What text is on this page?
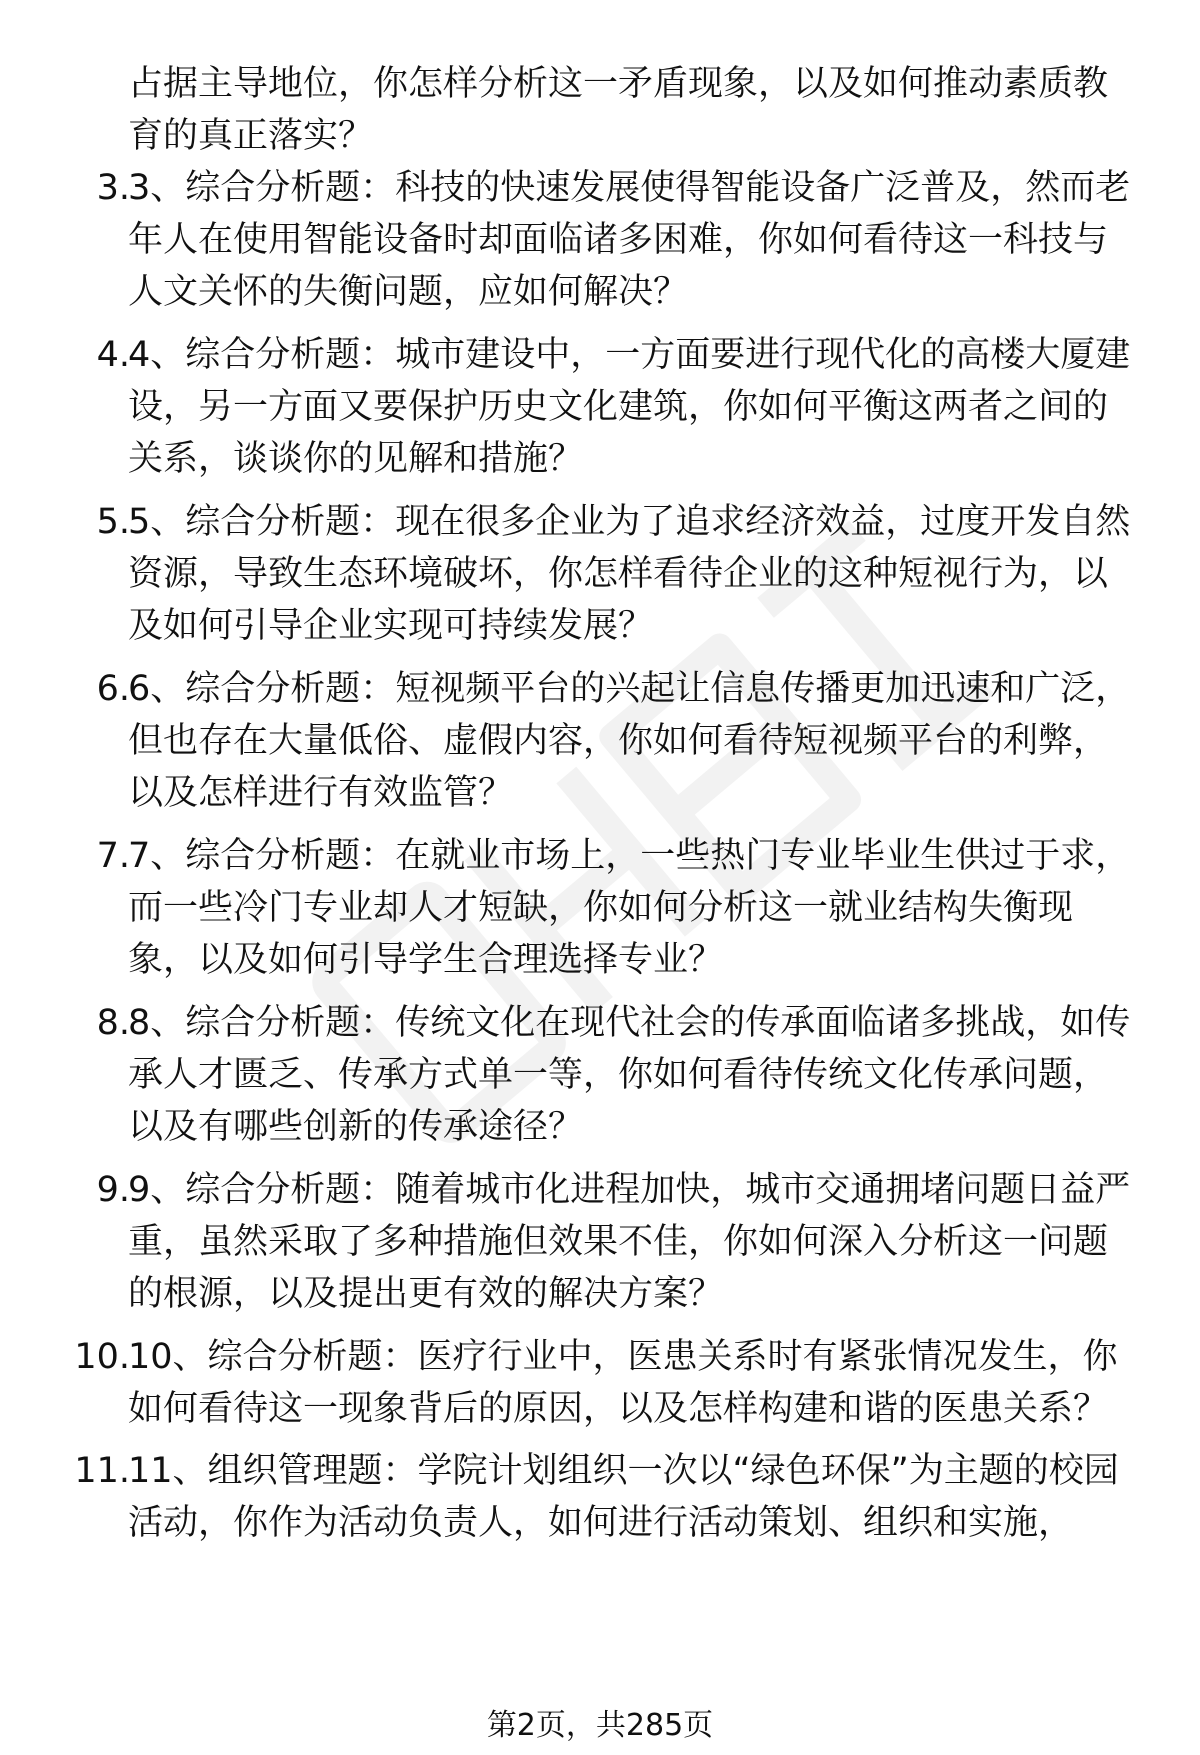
占据主导地位，你怎样分析这一矛盾现象，以及如何推动素质教育的真正落实？

3.

3、综合分析题：科技的快速发展使得智能设备广泛普及，然而老年人在使用智能设备时却面临诸多困难，你如何看待这一科技与人文关怀的失衡问题，应如何解决？

4.

4、综合分析题：城市建设中，一方面要进行现代化的高楼大厦建设，另一方面又要保护历史文化建筑，你如何平衡这两者之间的关系，谈谈你的见解和措施？

5.

5、综合分析题：现在很多企业为了追求经济效益，过度开发自然资源，导致生态环境破坏，你怎样看待企业的这种短视行为，以及如何引导企业实现可持续发展？

6.

6、综合分析题：短视频平台的兴起让信息传播更加迅速和广泛，但也存在大量低俗、虚假内容，你如何看待短视频平台的利弊，以及怎样进行有效监管？

7.

7、综合分析题：在就业市场上，一些热门专业毕业生供过于求，而一些冷门专业却人才短缺，你如何分析这一就业结构失衡现象，以及如何引导学生合理选择专业？

8.

8、综合分析题：传统文化在现代社会的传承面临诸多挑战，如传承人才匮乏、传承方式单一等，你如何看待传统文化传承问题，以及有哪些创新的传承途径？

9.

9、综合分析题：随着城市化进程加快，城市交通拥堵问题日益严重，虽然采取了多种措施但效果不佳，你如何深入分析这一问题的根源，以及提出更有效的解决方案？

10.

10、综合分析题：医疗行业中，医患关系时有紧张情况发生，你如何看待这一现象背后的原因，以及怎样构建和谐的医患关系？

11.

11、组织管理题：学院计划组织一次以“绿色环保”为主题的校园活动，你作为活动负责人，如何进行活动策划、组织和实施，

第2页，共285页
